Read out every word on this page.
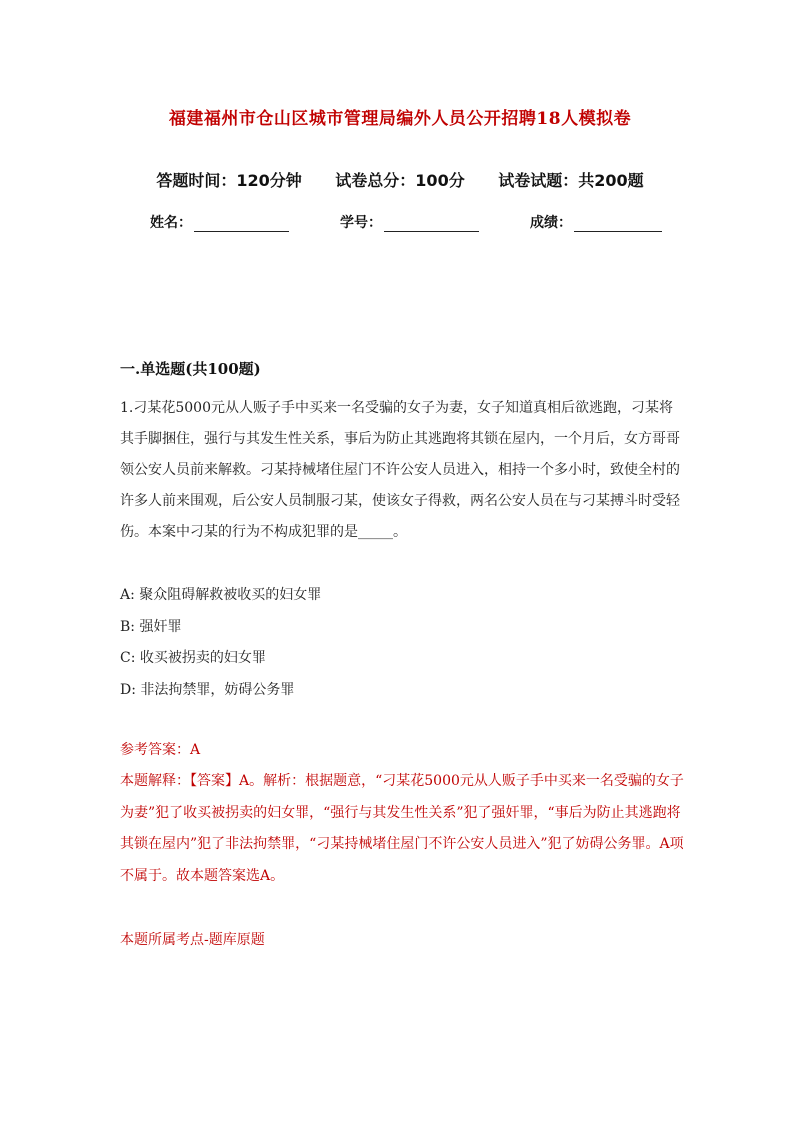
福建福州市仓山区城市管理局编外人员公开招聘18人模拟卷
答题时间：120分钟 试卷总分：100分 试卷试题：共200题
姓名：	学号：	成绩：
一.单选题(共100题)
1.刁某花5000元从人贩子手中买来一名受骗的女子为妻，女子知道真相后欲逃跑，刁某将其手脚捆住，强行与其发生性关系，事后为防止其逃跑将其锁在屋内，一个月后，女方哥哥领公安人员前来解救。刁某持械堵住屋门不许公安人员进入，相持一个多小时，致使全村的许多人前来围观，后公安人员制服刁某，使该女子得救，两名公安人员在与刁某搏斗时受轻伤。本案中刁某的行为不构成犯罪的是_____。
A: 聚众阻碍解救被收买的妇女罪
B: 强奸罪
C: 收买被拐卖的妇女罪
D: 非法拘禁罪，妨碍公务罪
参考答案：A
本题解释：【答案】A。解析：根据题意，“刁某花5000元从人贩子手中买来一名受骗的女子为妻”犯了收买被拐卖的妇女罪，“强行与其发生性关系”犯了强奸罪，“事后为防止其逃跑将其锁在屋内”犯了非法拘禁罪，“刁某持械堵住屋门不许公安人员进入”犯了妨碍公务罪。A项不属于。故本题答案选A。
本题所属考点-题库原题
